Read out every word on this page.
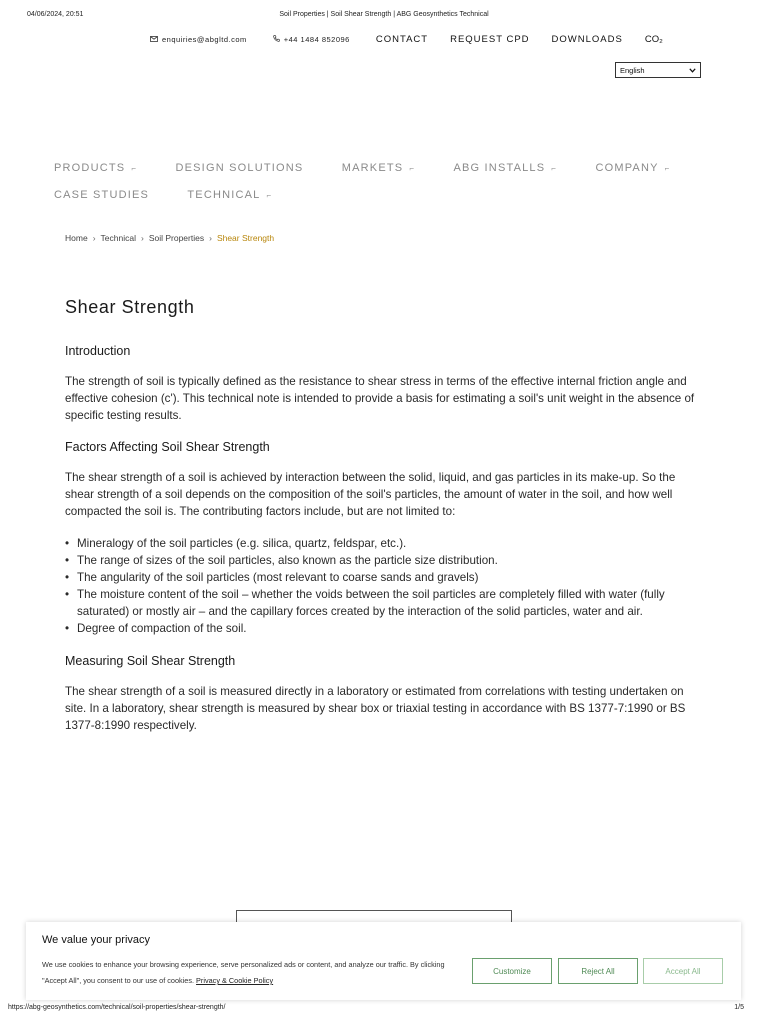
04/06/2024, 20:51	Soil Properties | Soil Shear Strength | ABG Geosynthetics Technical
enquiries@abgltd.com	+44 1484 852096	CONTACT REQUEST CPD DOWNLOADS CO₂
English
PRODUCTS ⌐	DESIGN SOLUTIONS	MARKETS ⌐	ABG INSTALLS ⌐	COMPANY ⌐ CASE STUDIES	TECHNICAL ⌐
Home › Technical › Soil Properties › Shear Strength
Shear Strength
Introduction

The strength of soil is typically defined as the resistance to shear stress in terms of the effective internal friction angle and effective cohesion (c'). This technical note is intended to provide a basis for estimating a soil's unit weight in the absence of specific testing results.

Factors Affecting Soil Shear Strength

The shear strength of a soil is achieved by interaction between the solid, liquid, and gas particles in its make-up. So the shear strength of a soil depends on the composition of the soil's particles, the amount of water in the soil, and how well compacted the soil is. The contributing factors include, but are not limited to:

• Mineralogy of the soil particles (e.g. silica, quartz, feldspar, etc.).
• The range of sizes of the soil particles, also known as the particle size distribution.
• The angularity of the soil particles (most relevant to coarse sands and gravels)
• The moisture content of the soil – whether the voids between the soil particles are completely filled with water (fully saturated) or mostly air – and the capillary forces created by the interaction of the solid particles, water and air.
• Degree of compaction of the soil.
Measuring Soil Shear Strength

The shear strength of a soil is measured directly in a laboratory or estimated from correlations with testing undertaken on site. In a laboratory, shear strength is measured by shear box or triaxial testing in accordance with BS 1377-7:1990 or BS 1377-8:1990 respectively.

We value your privacy
We use cookies to enhance your browsing experience, serve personalized ads or content, and analyze our traffic. By clicking "Accept All", you consent to our use of cookies. Privacy & Cookie Policy
Customize	Reject All	Accept All
https://abg-geosynthetics.com/technical/soil-properties/shear-strength/	1/5
